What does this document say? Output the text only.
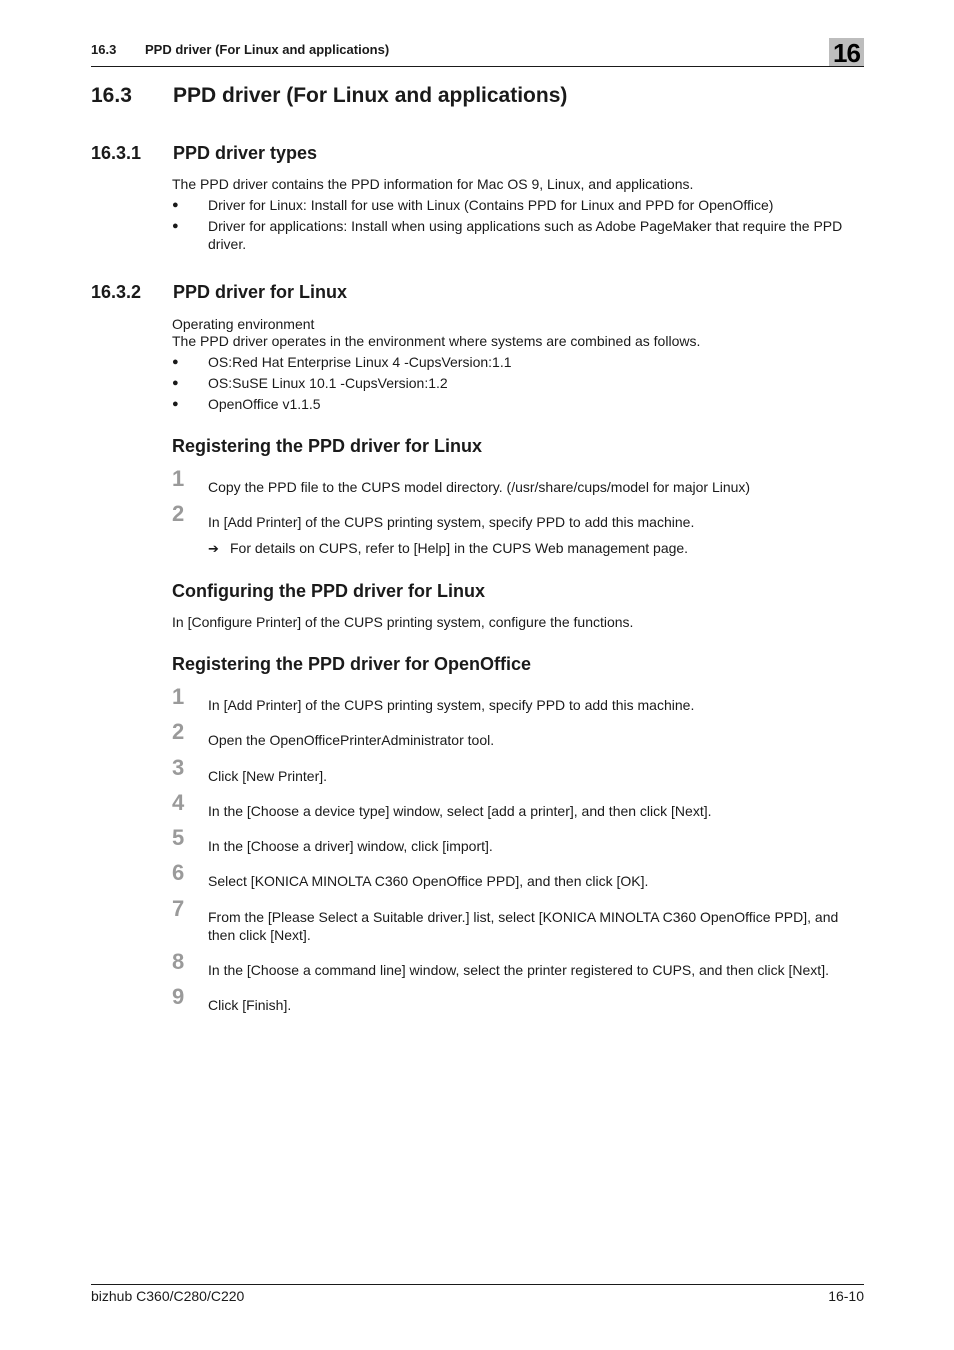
16.3 PPD driver (For Linux and applications)	16
16.3 PPD driver (For Linux and applications)
16.3.1 PPD driver types
The PPD driver contains the PPD information for Mac OS 9, Linux, and applications.
● Driver for Linux: Install for use with Linux (Contains PPD for Linux and PPD for OpenOffice)
● Driver for applications: Install when using applications such as Adobe PageMaker that require the PPD driver.
16.3.2 PPD driver for Linux
Operating environment
The PPD driver operates in the environment where systems are combined as follows.
● OS:Red Hat Enterprise Linux 4 -CupsVersion:1.1
● OS:SuSE Linux 10.1 -CupsVersion:1.2
● OpenOffice v1.1.5
Registering the PPD driver for Linux
1	Copy the PPD file to the CUPS model directory. (/usr/share/cups/model for major Linux)
2	In [Add Printer] of the CUPS printing system, specify PPD to add this machine.
➔ For details on CUPS, refer to [Help] in the CUPS Web management page.
Configuring the PPD driver for Linux
In [Configure Printer] of the CUPS printing system, configure the functions.
Registering the PPD driver for OpenOffice
1	In [Add Printer] of the CUPS printing system, specify PPD to add this machine.
2	Open the OpenOfficePrinterAdministrator tool.
3	Click [New Printer].
4	In the [Choose a device type] window, select [add a printer], and then click [Next].
5	In the [Choose a driver] window, click [import].
6	Select [KONICA MINOLTA C360 OpenOffice PPD], and then click [OK].
7	From the [Please Select a Suitable driver.] list, select [KONICA MINOLTA C360 OpenOffice PPD], and then click [Next].
8	In the [Choose a command line] window, select the printer registered to CUPS, and then click [Next].
9	Click [Finish].
bizhub C360/C280/C220	16-10
